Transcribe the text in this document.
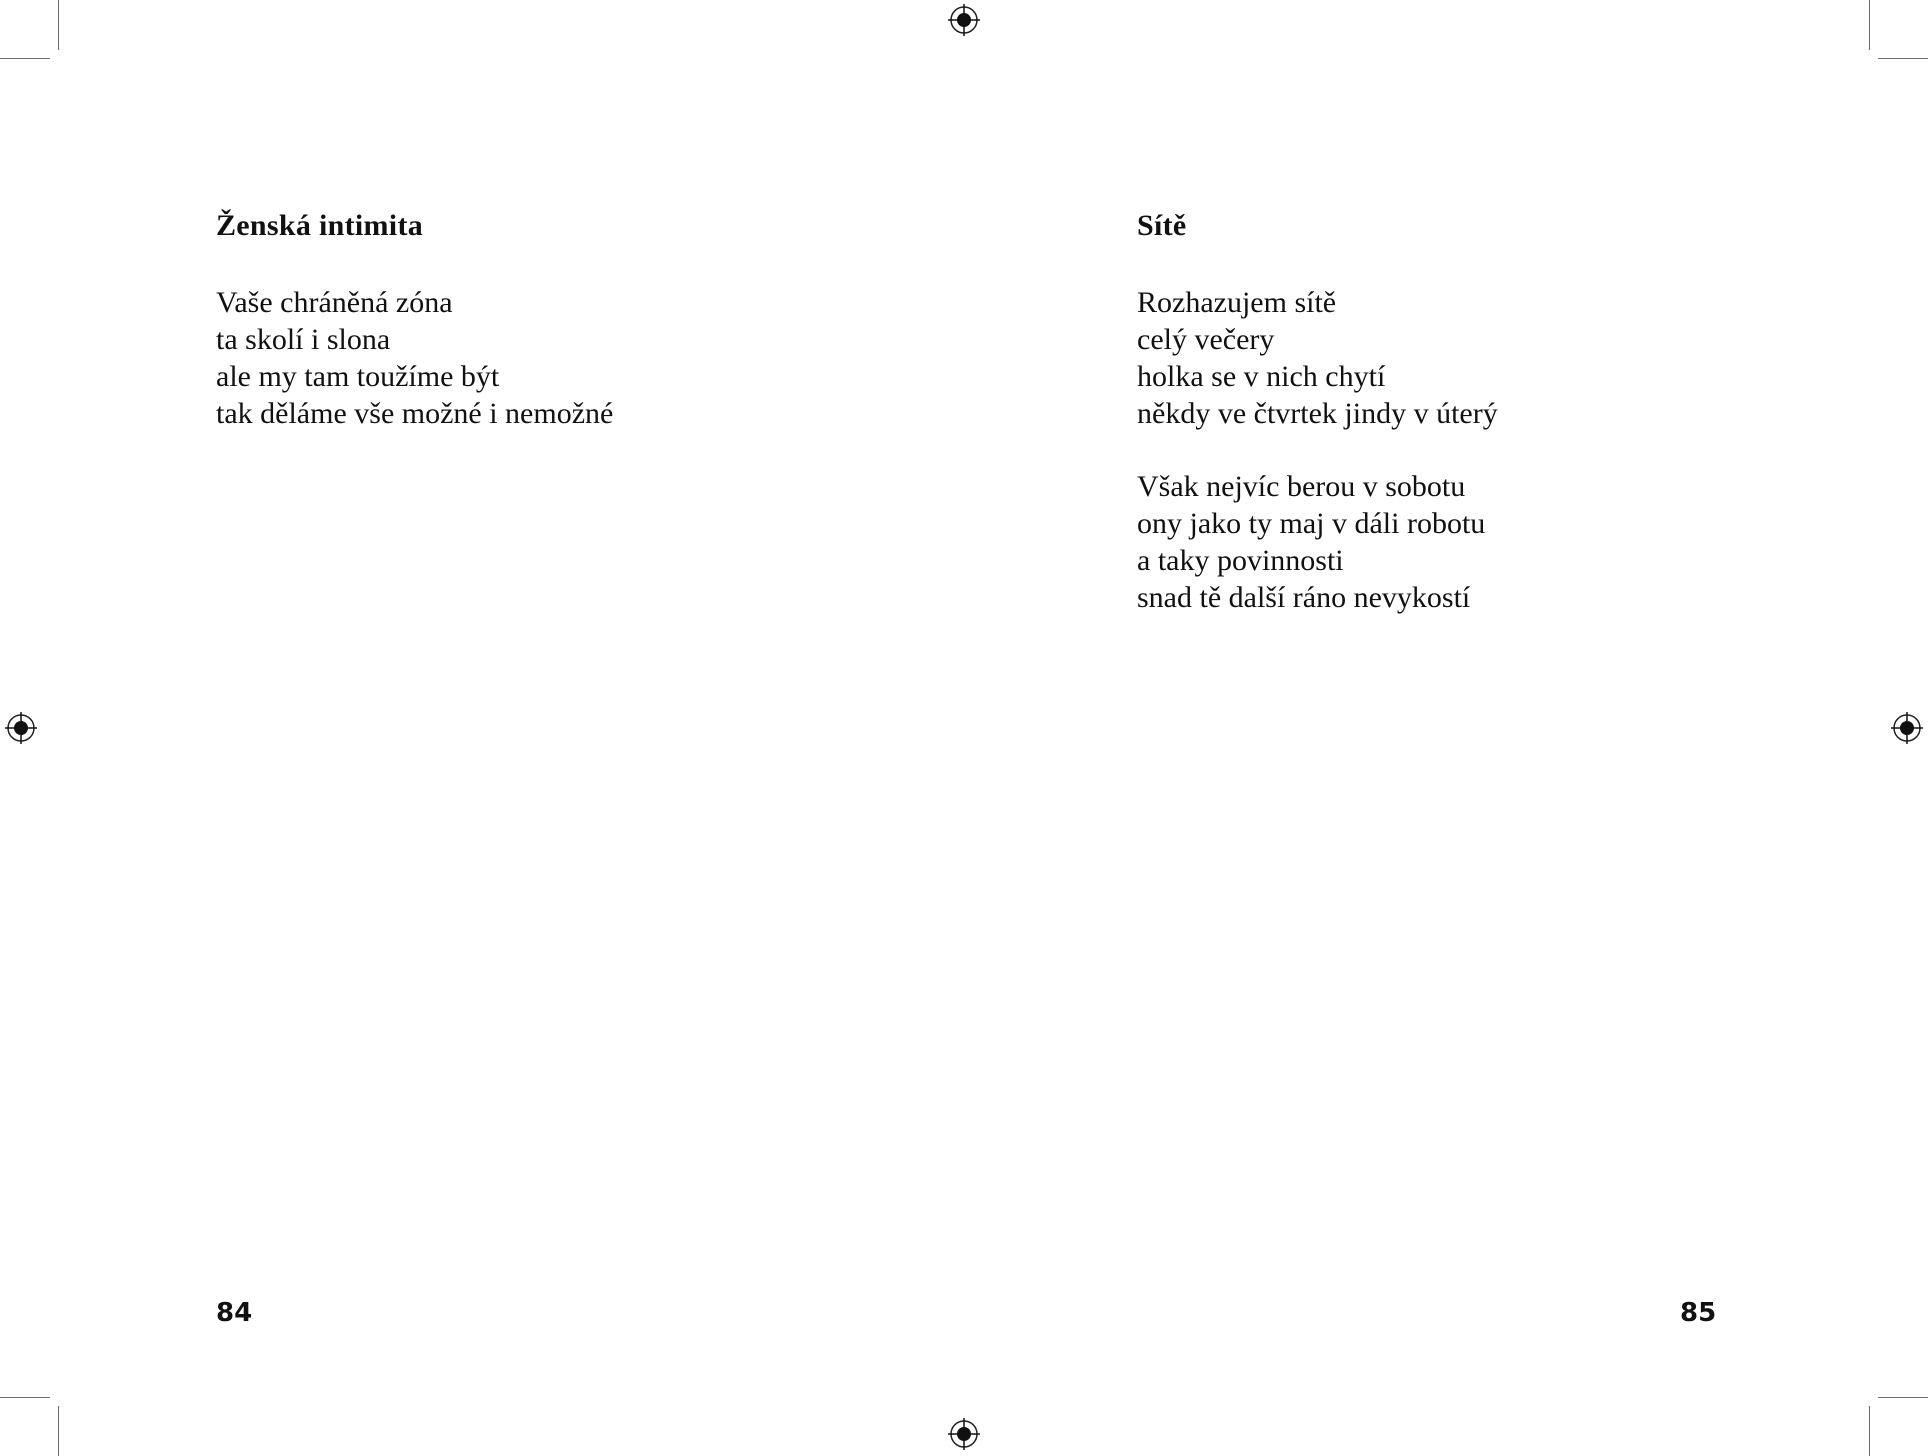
Ženská intimita
Vaše chráněná zóna
ta skolí i slona
ale my tam toužíme být
tak děláme vše možné i nemožné
84
Sítě
Rozhazujem sítě
celý večery
holka se v nich chytí
někdy ve čtvrtek jindy v úterý
Však nejvíc berou v sobotu
ony jako ty maj v dáli robotu
a taky povinnosti
snad tě další ráno nevykostí
85
